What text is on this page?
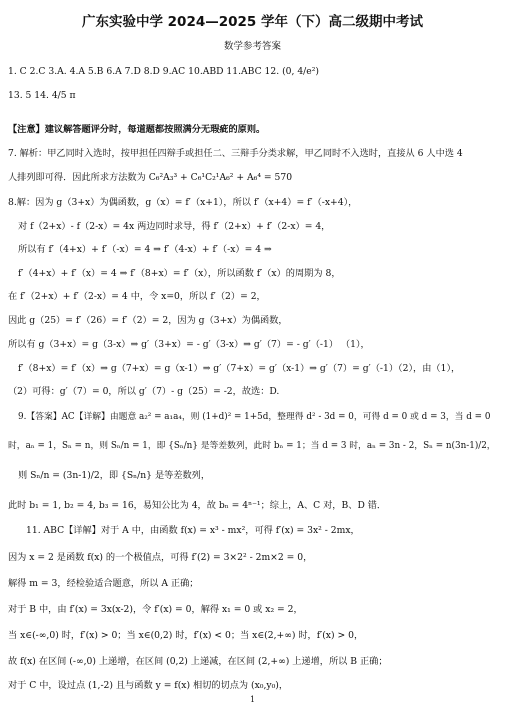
广东实验中学 2024—2025 学年（下）高二级期中考试
数学参考答案
1. C 2.C 3.A. 4.A 5.B 6.A 7.D 8.D 9.AC 10.ABD 11.ABC 12. (0, 4/e²)
13. 5 14. 4/5 π
【注意】建议解答题评分时，每道题都按照满分无瑕疵的原则。
7. 解析：甲乙同时入选时，按甲担任四辩手或担任二、三辩手分类求解，甲乙同时不入选时，直接从 6 人中选 4
人排列即可得．因此所求方法数为 C₆²A₃³ + C₆¹C₂¹A₆² + A₆⁴ = 570
8.解：因为 g（3+x）为偶函数，g（x）= f′（x+1），所以 f′（x+4）= f′（-x+4），
对 f（2+x）- f（2-x）= 4x 两边同时求导，得 f′（2+x）+ f′（2-x）= 4，
所以有 f′（4+x）+ f′（-x）= 4 ⇒ f′（4-x）+ f′（-x）= 4 ⇒
f′（4+x）+ f′（x）= 4 ⇒ f′（8+x）= f′（x），所以函数 f′（x）的周期为 8，
在 f′（2+x）+ f′（2-x）= 4 中，令 x=0，所以 f′（2）= 2，
因此 g（25）= f′（26）= f′（2）= 2，因为 g（3+x）为偶函数，
所以有 g（3+x）= g（3-x）⇒ g′（3+x）= - g′（3-x）⇒ g′（7）= - g′（-1） （1），
f′（8+x）= f′（x）⇒ g（7+x）= g（x-1）⇒ g′（7+x）= g′（x-1）⇒ g′（7）= g′（-1）（2），由（1），
（2）可得：g′（7）= 0，所以 g′（7）- g（25）= -2，故选：D.
9.【答案】AC【详解】由题意 a₂² = a₁a₄，则 (1+d)² = 1+5d，整理得 d² - 3d = 0，可得 d = 0 或 d = 3，当 d = 0
时，aₙ = 1，Sₙ = n，则 Sₙ/n = 1，即 {Sₙ/n} 是等差数列，此时 bₙ = 1；当 d = 3 时，aₙ = 3n - 2，Sₙ = n(3n-1)/2，
则 Sₙ/n = (3n-1)/2，即 {Sₙ/n} 是等差数列，
此时 b₁ = 1, b₂ = 4, b₃ = 16，易知公比为 4，故 bₙ = 4ⁿ⁻¹；综上，A、C 对，B、D 错．
11. ABC【详解】对于 A 中，由函数 f(x) = x³ - mx²，可得 f′(x) = 3x² - 2mx，
因为 x = 2 是函数 f(x) 的一个极值点，可得 f′(2) = 3×2² - 2m×2 = 0，
解得 m = 3，经检验适合题意，所以 A 正确；
对于 B 中，由 f′(x) = 3x(x-2)，令 f′(x) = 0，解得 x₁ = 0 或 x₂ = 2，
当 x∈(-∞,0) 时，f′(x) > 0；当 x∈(0,2) 时，f′(x) < 0；当 x∈(2,+∞) 时，f′(x) > 0，
故 f(x) 在区间 (-∞,0) 上递增，在区间 (0,2) 上递减，在区间 (2,+∞) 上递增，所以 B 正确；
对于 C 中，设过点 (1,-2) 且与函数 y = f(x) 相切的切点为 (x₀,y₀)，
1
